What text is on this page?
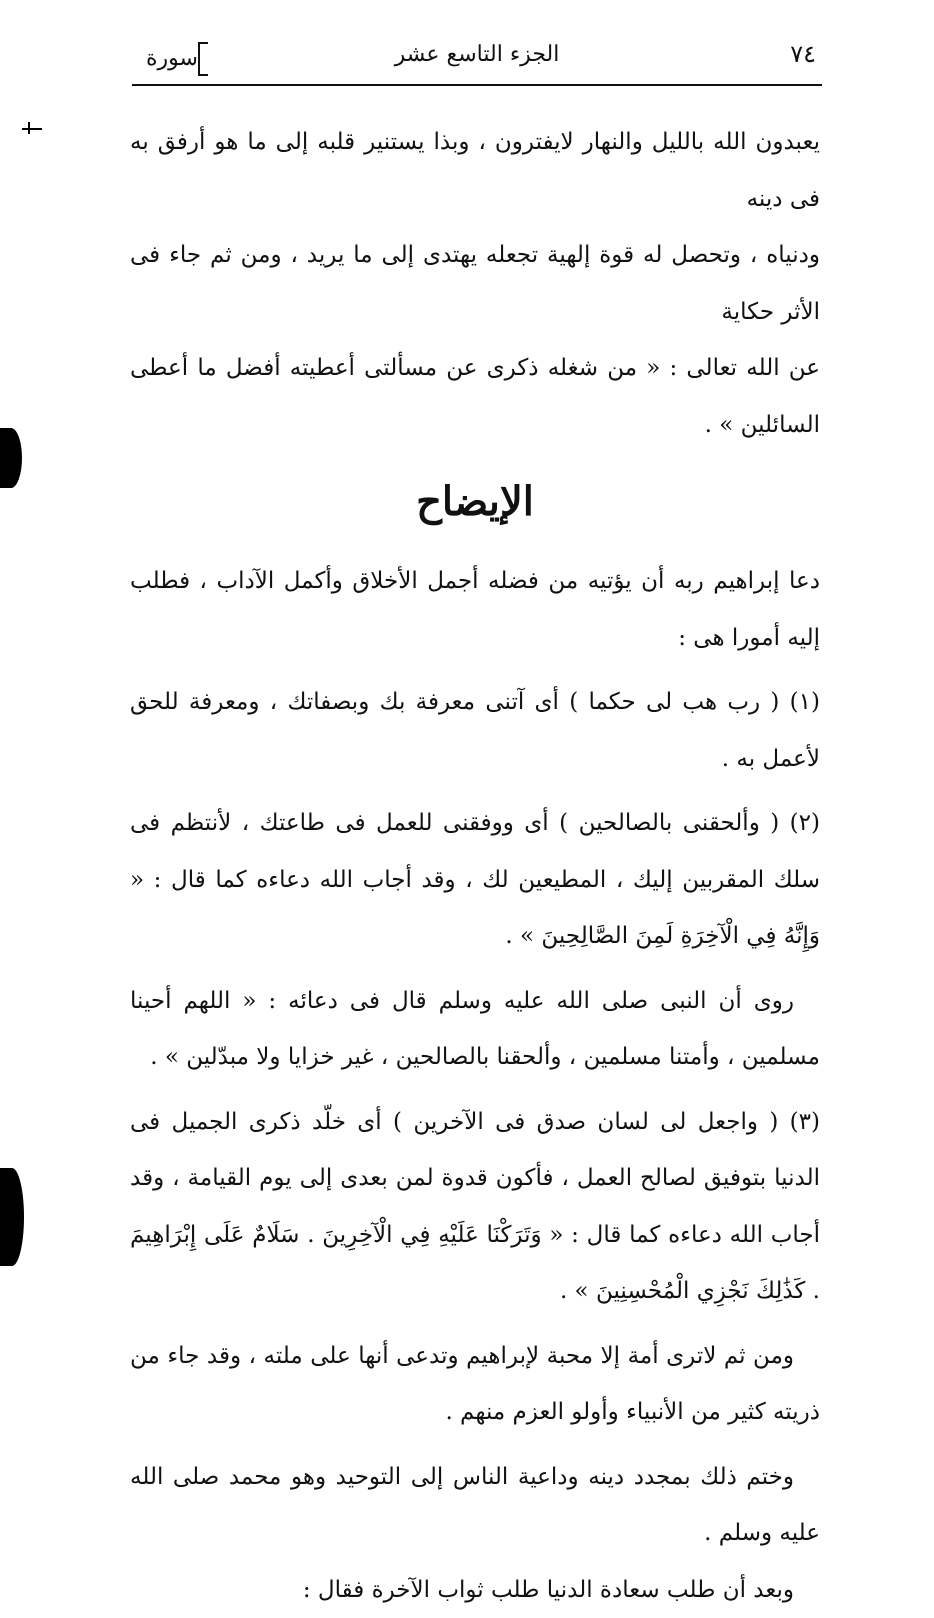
سورة	الجزء التاسع عشر	٧٤

يعبدون الله بالليل والنهار لايفترون ، وبذا يستنير قلبه إلى ما هو أرفق به فى دينه

ودنياه ، وتحصل له قوة إلهية تجعله يهتدى إلى ما يريد ، ومن ثم جاء فى الأثر حكاية

عن الله تعالى : « من شغله ذكرى عن مسألتى أعطيته أفضل ما أعطى السائلين » .

الإيضاح

دعا إبراهيم ربه أن يؤتيه من فضله أجمل الأخلاق وأكمل الآداب ، فطلب إليه أمورا هى :

(١) ( رب هب لى حكما ) أى آتنى معرفة بك وبصفاتك ، ومعرفة للحق لأعمل به .

(٢) ( وألحقنى بالصالحين ) أى ووفقنى للعمل فى طاعتك ، لأنتظم فى سلك المقربين إليك ، المطيعين لك ، وقد أجاب الله دعاءه كما قال : « وَإِنَّهُ فِي الْآخِرَةِ لَمِنَ الصَّالِحِينَ » .

روى أن النبى صلى الله عليه وسلم قال فى دعائه : « اللهم أحينا مسلمين ، وأمتنا مسلمين ، وألحقنا بالصالحين ، غير خزايا ولا مبدّلين » .

(٣) ( واجعل لى لسان صدق فى الآخرين ) أى خلّد ذكرى الجميل فى الدنيا بتوفيق لصالح العمل ، فأكون قدوة لمن بعدى إلى يوم القيامة ، وقد أجاب الله دعاءه كما قال : « وَتَرَكْنَا عَلَيْهِ فِي الْآخِرِينَ . سَلَامٌ عَلَى إِبْرَاهِيمَ . كَذَٰلِكَ نَجْزِي الْمُحْسِنِينَ » .

ومن ثم لاترى أمة إلا محبة لإبراهيم وتدعى أنها على ملته ، وقد جاء من ذريته كثير من الأنبياء وأولو العزم منهم .

وختم ذلك بمجدد دينه وداعية الناس إلى التوحيد وهو محمد صلى الله عليه وسلم .

وبعد أن طلب سعادة الدنيا طلب ثواب الآخرة فقال :
